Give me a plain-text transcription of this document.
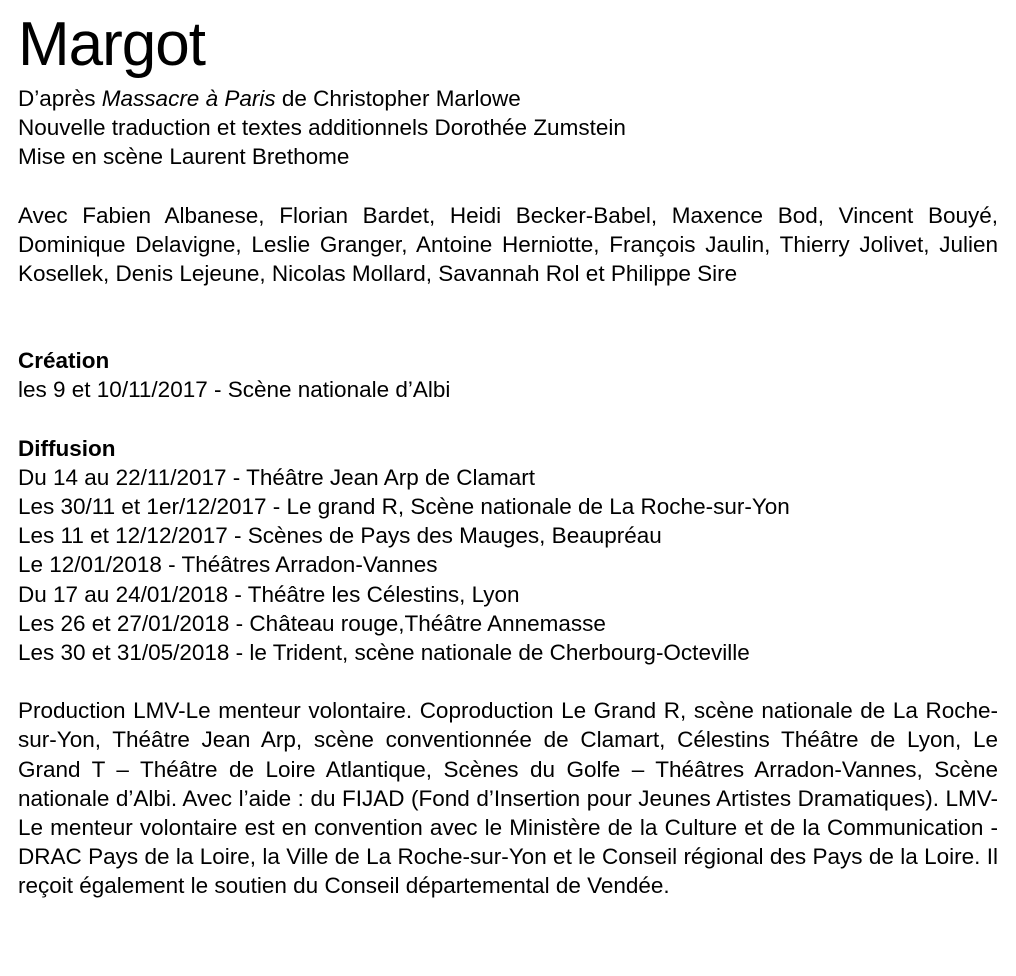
Margot

D’après Massacre à Paris de Christopher Marlowe

Nouvelle traduction et textes additionnels Dorothée Zumstein

Mise en scène Laurent Brethome

Avec Fabien Albanese, Florian Bardet, Heidi Becker-Babel, Maxence Bod, Vincent Bouyé, Dominique Delavigne, Leslie Granger, Antoine Herniotte, François Jaulin, Thierry Jolivet, Julien Kosellek, Denis Lejeune, Nicolas Mollard, Savannah Rol et Philippe Sire

Création

les 9 et 10/11/2017 - Scène nationale d’Albi

Diffusion

Du 14 au 22/11/2017 - Théâtre Jean Arp de Clamart

Les 30/11 et 1er/12/2017 - Le grand R, Scène nationale de La Roche-sur-Yon

Les 11 et 12/12/2017 - Scènes de Pays des Mauges, Beaupréau

Le 12/01/2018 - Théâtres Arradon-Vannes

Du 17 au 24/01/2018 - Théâtre les Célestins, Lyon

Les 26 et 27/01/2018 - Château rouge,Théâtre Annemasse

Les 30 et 31/05/2018 - le Trident, scène nationale de Cherbourg-Octeville

Production LMV-Le menteur volontaire. Coproduction Le Grand R, scène nationale de La Roche-sur-Yon, Théâtre Jean Arp, scène conventionnée de Clamart, Célestins Théâtre de Lyon, Le Grand T – Théâtre de Loire Atlantique, Scènes du Golfe – Théâtres Arradon-Vannes, Scène nationale d’Albi. Avec l’aide : du FIJAD (Fond d’Insertion pour Jeunes Artistes Dramatiques). LMV-Le menteur volontaire est en convention avec le Ministère de la Culture et de la Communication - DRAC Pays de la Loire, la Ville de La Roche-sur-Yon et le Conseil régional des Pays de la Loire. Il reçoit également le soutien du Conseil départemental de Vendée.
